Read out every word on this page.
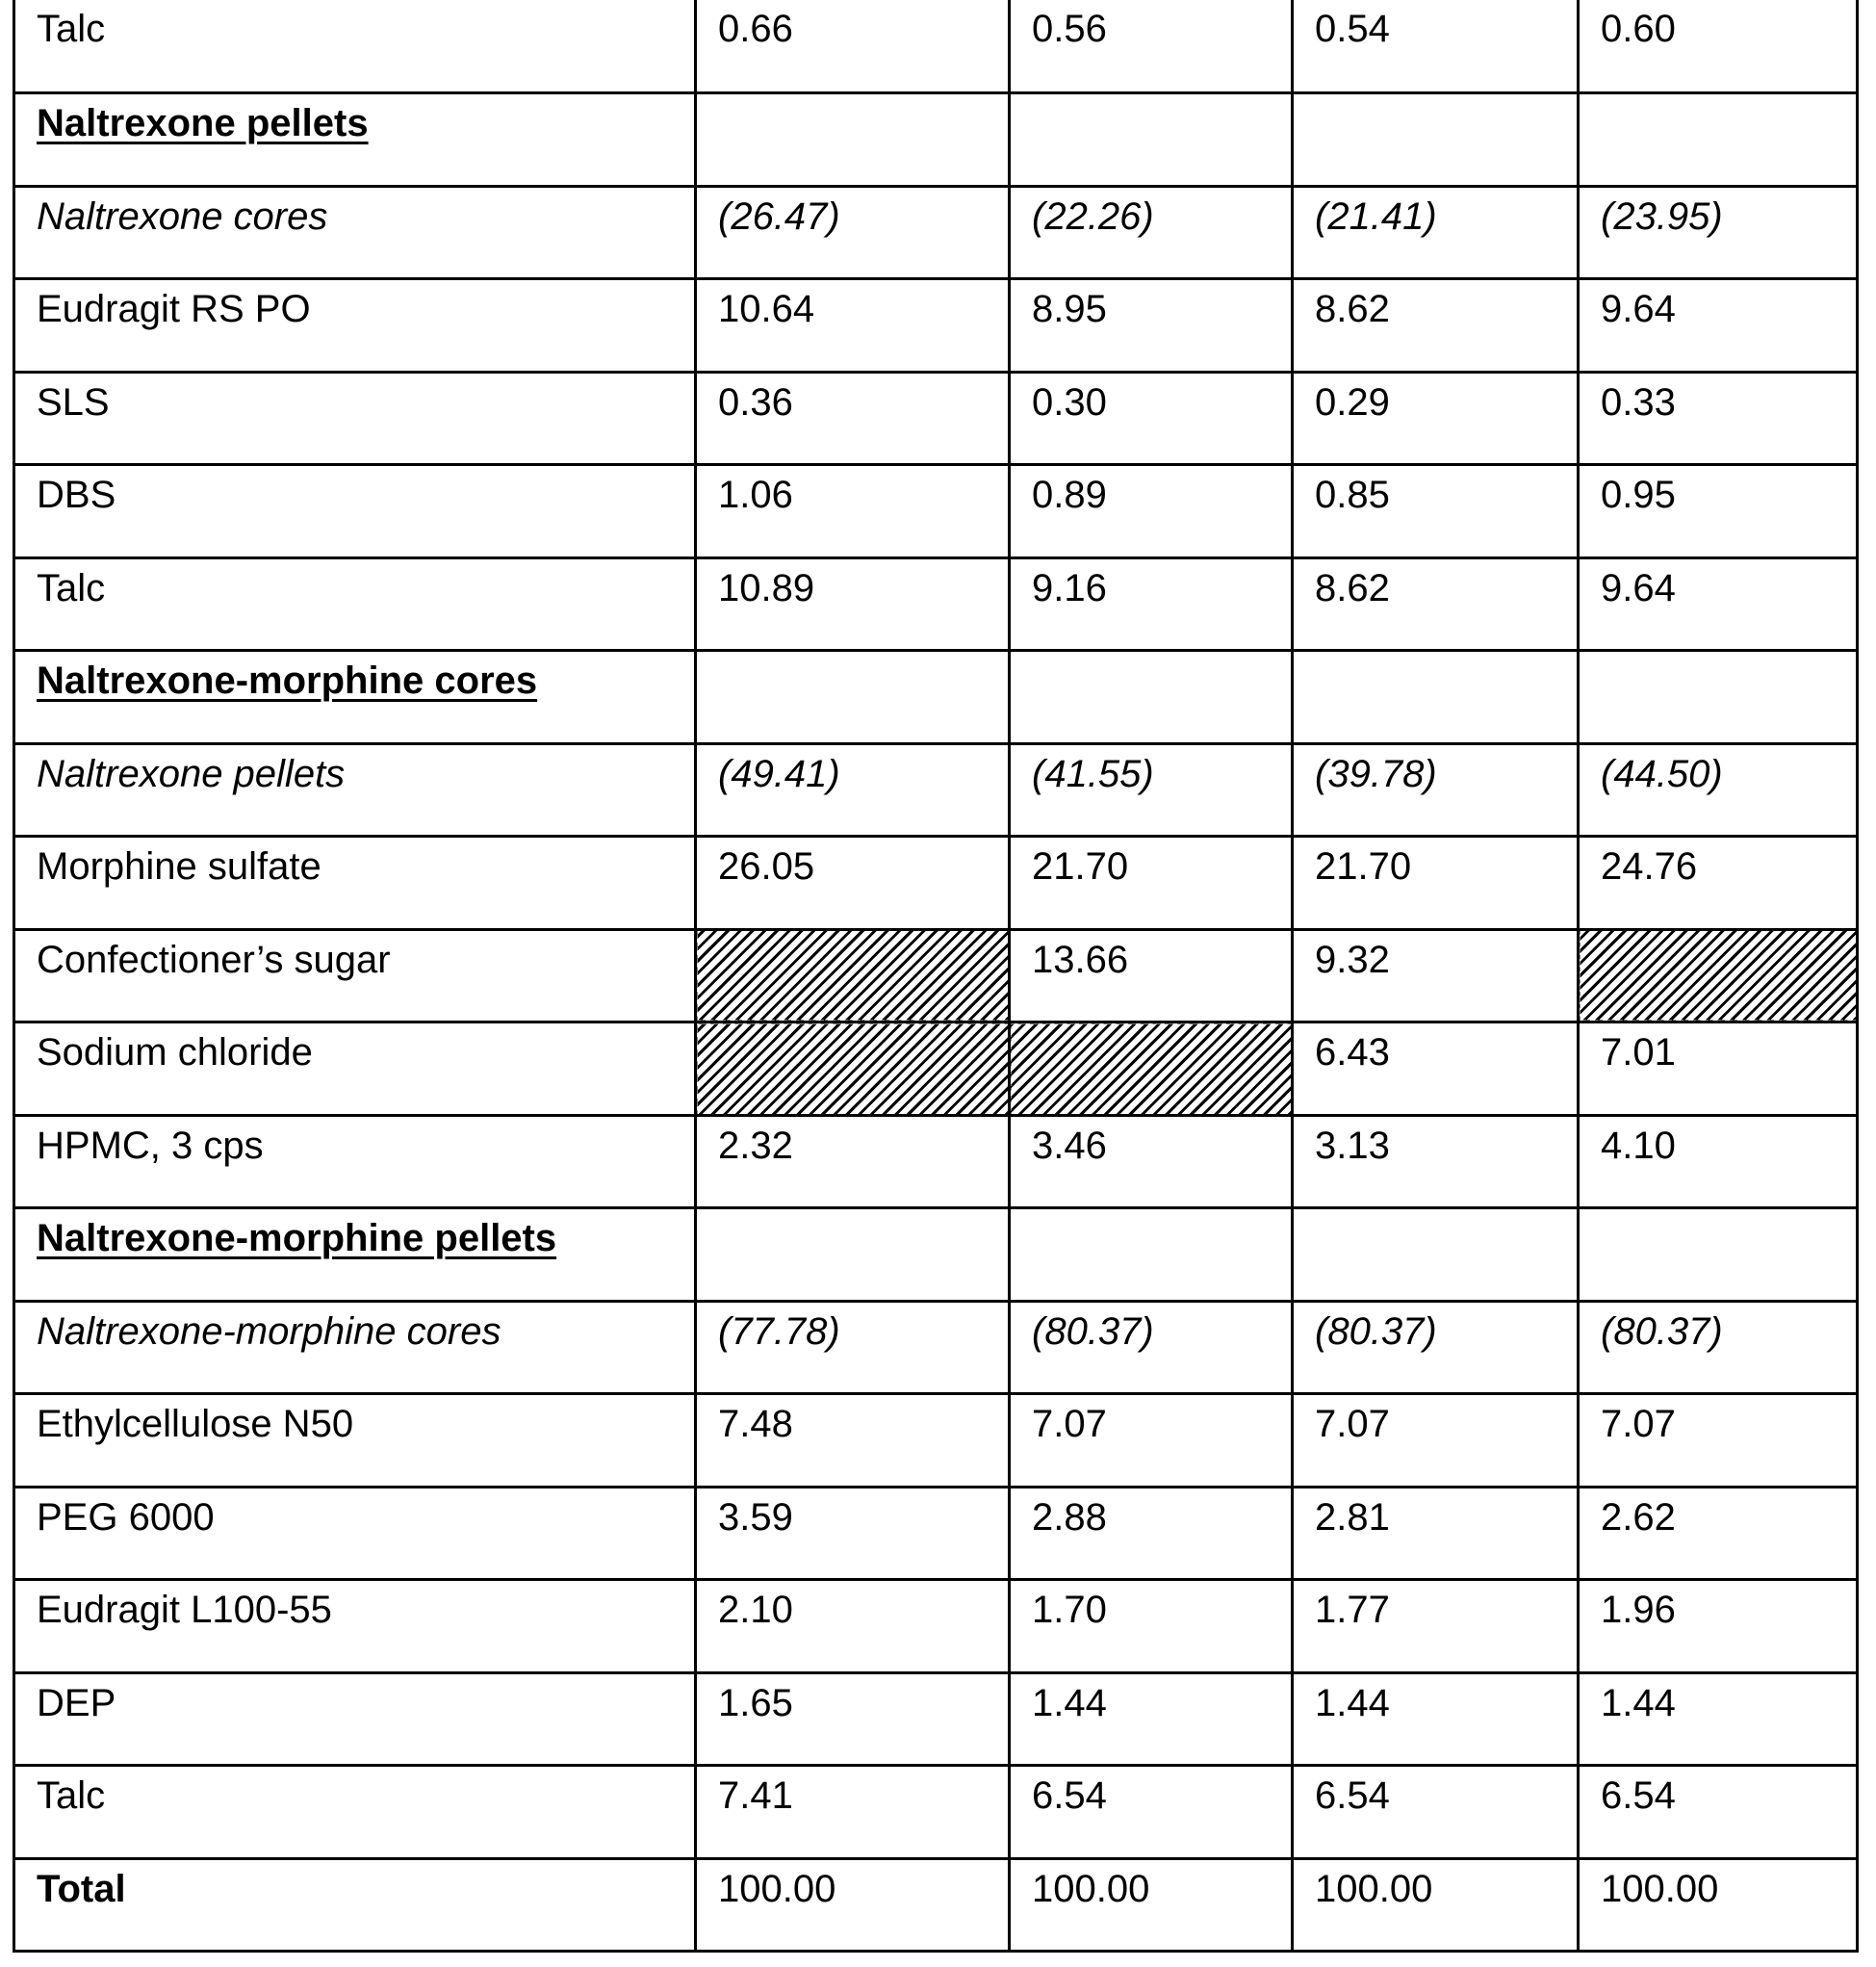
Talc	0.66	0.56	0.54	0.60
Naltrexone pellets				
Naltrexone cores	(26.47)	(22.26)	(21.41)	(23.95)
Eudragit RS PO	10.64	8.95	8.62	9.64
SLS	0.36	0.30	0.29	0.33
DBS	1.06	0.89	0.85	0.95
Talc	10.89	9.16	8.62	9.64
Naltrexone-morphine cores				
Naltrexone pellets	(49.41)	(41.55)	(39.78)	(44.50)
Morphine sulfate	26.05	21.70	21.70	24.76
Confectioner’s sugar		13.66	9.32	
Sodium chloride			6.43	7.01
HPMC, 3 cps	2.32	3.46	3.13	4.10
Naltrexone-morphine pellets				
Naltrexone-morphine cores	(77.78)	(80.37)	(80.37)	(80.37)
Ethylcellulose N50	7.48	7.07	7.07	7.07
PEG 6000	3.59	2.88	2.81	2.62
Eudragit L100-55	2.10	1.70	1.77	1.96
DEP	1.65	1.44	1.44	1.44
Talc	7.41	6.54	6.54	6.54
Total	100.00	100.00	100.00	100.00
